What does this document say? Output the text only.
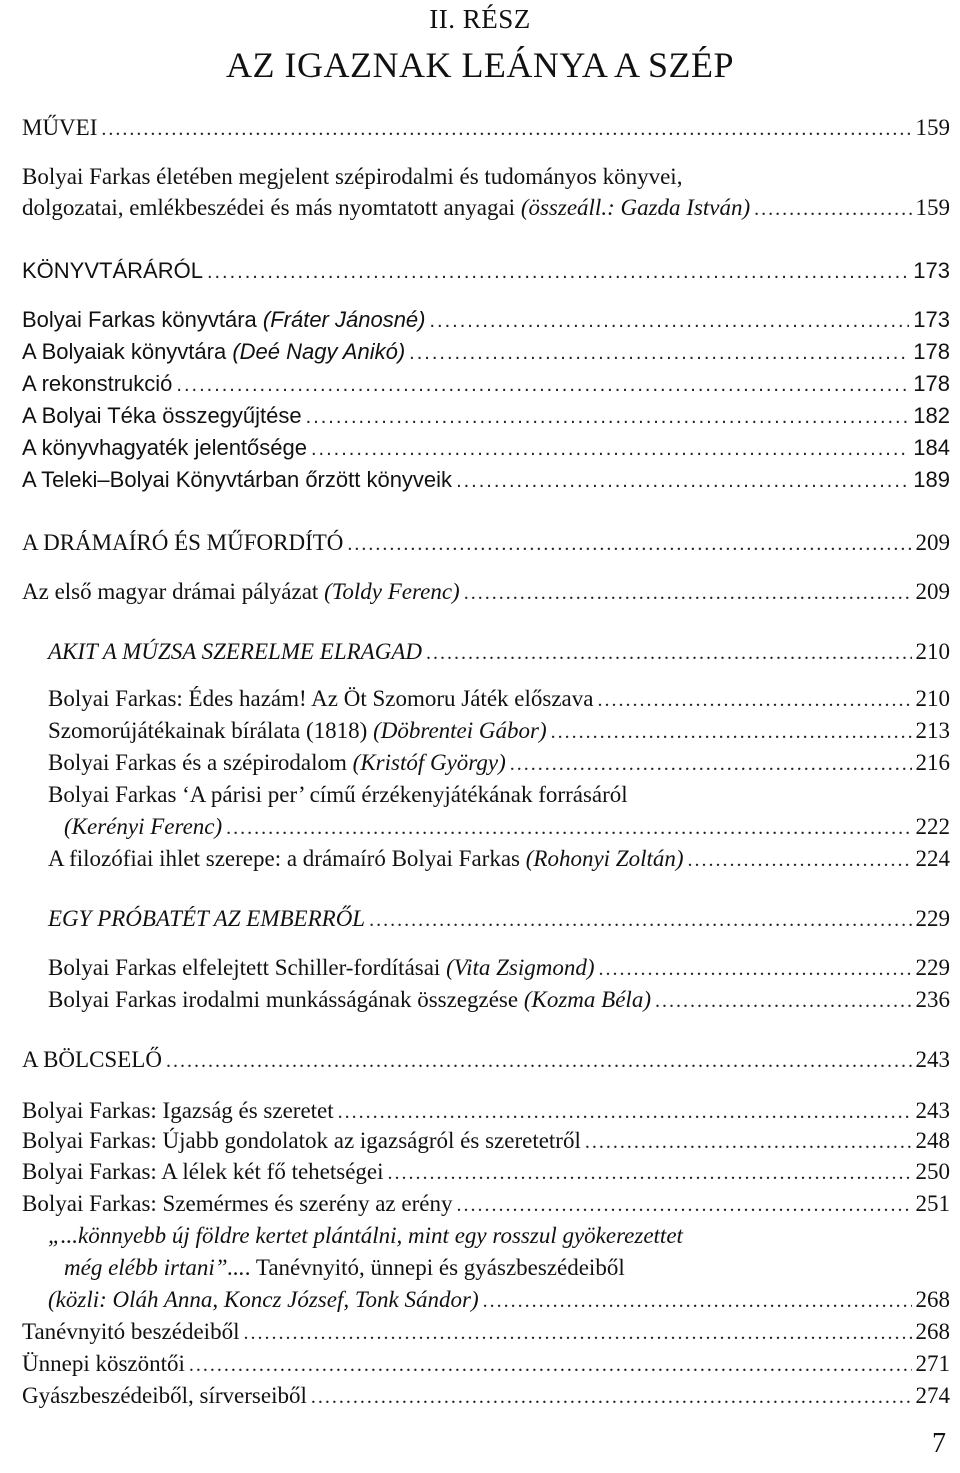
II. RÉSZ
AZ IGAZNAK LEÁNYA A SZÉP
MŰVEI .....	159
Bolyai Farkas életében megjelent szépirodalmi és tudományos könyvei,
dolgozatai, emlékbeszédei és más nyomtatott anyagai (összeáll.: Gazda István) .....	159
KÖNYVTÁRÁRÓL .....	173
Bolyai Farkas könyvtára (Fráter Jánosné) .....	173
A Bolyaiak könyvtára (Deé Nagy Anikó) .....	178
A rekonstrukció .....	178
A Bolyai Téka összegyűjtése .....	182
A könyvhagyaték jelentősége .....	184
A Teleki–Bolyai Könyvtárban őrzött könyveik .....	189
A DRÁMAÍRÓ ÉS MŰFORDÍTÓ .....	209
Az első magyar drámai pályázat (Toldy Ferenc) .....	209
AKIT A MÚZSA SZERELME ELRAGAD .....	210
Bolyai Farkas: Édes hazám! Az Öt Szomoru Játék előszava .....	210
Szomorújátékainak bírálata (1818) (Döbrentei Gábor) .....	213
Bolyai Farkas és a szépirodalom (Kristóf György) .....	216
Bolyai Farkas ‘A párisi per’ című érzékenyjátékának forrásáról
(Kerényi Ferenc) .....	222
A filozófiai ihlet szerepe: a drámaíró Bolyai Farkas (Rohonyi Zoltán) .....	224
EGY PRÓBATÉT AZ EMBERRŐL .....	229
Bolyai Farkas elfelejtett Schiller-fordításai (Vita Zsigmond) .....	229
Bolyai Farkas irodalmi munkásságának összegzése (Kozma Béla) .....	236
A BÖLCSELŐ .....	243
Bolyai Farkas: Igazság és szeretet .....	243
Bolyai Farkas: Újabb gondolatok az igazságról és szeretetről .....	248
Bolyai Farkas: A lélek két fő tehetségei .....	250
Bolyai Farkas: Szemérmes és szerény az erény .....	251
„...könnyebb új földre kertet plántálni, mint egy rosszul gyökerezettet
még elébb irtani”.... Tanévnyitó, ünnepi és gyászbeszédeiből
(közli: Oláh Anna, Koncz József, Tonk Sándor) .....	268
Tanévnyitó beszédeiből .....	268
Ünnepi köszöntői .....	271
Gyászbeszédeiből, sírverseiből .....	274
7
